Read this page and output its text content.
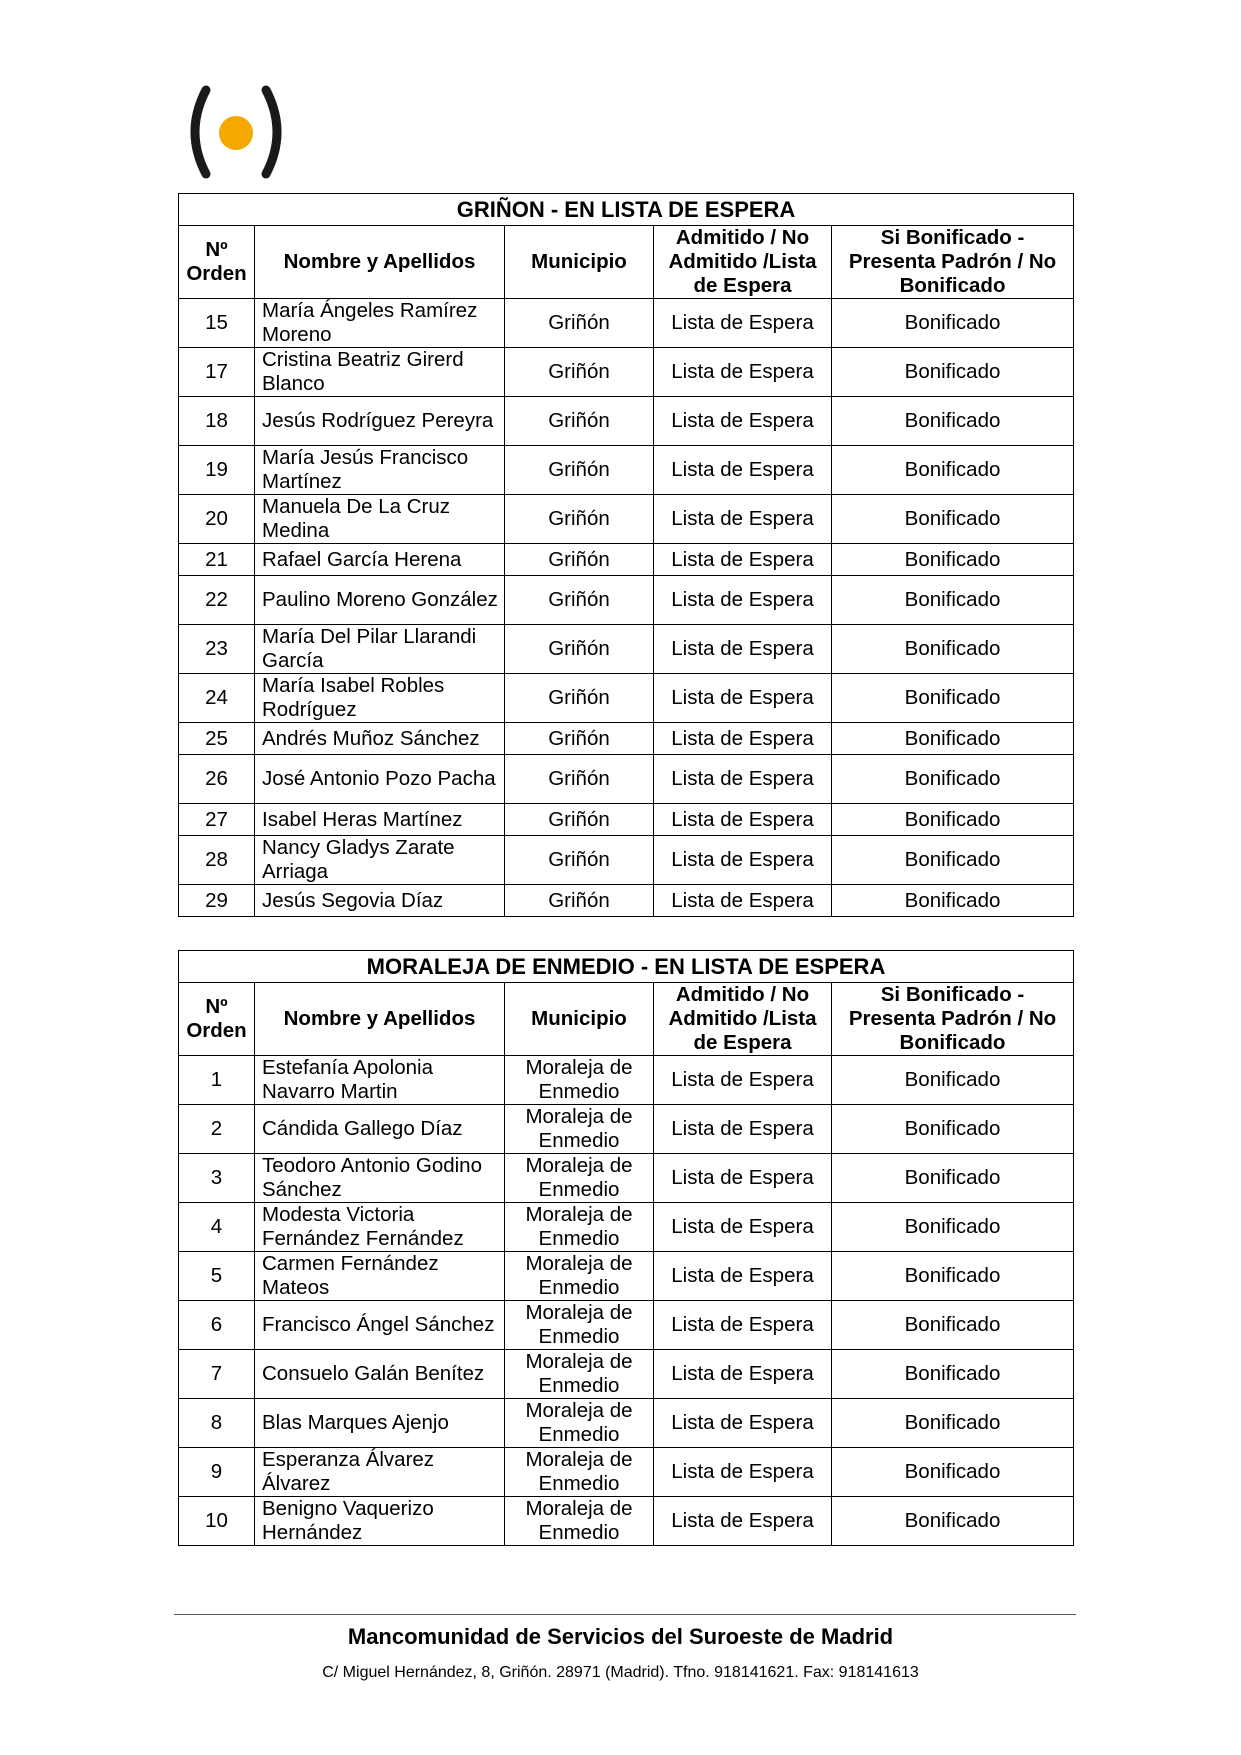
GRIÑON - EN LISTA DE ESPERA				
Nº Orden	Nombre y Apellidos	Municipio	Admitido / No Admitido /Lista de Espera	Si Bonificado - Presenta Padrón / No Bonificado
15	María Ángeles Ramírez Moreno	Griñón	Lista de Espera	Bonificado
17	Cristina Beatriz Girerd Blanco	Griñón	Lista de Espera	Bonificado
18	Jesús Rodríguez Pereyra	Griñón	Lista de Espera	Bonificado
19	María Jesús Francisco Martínez	Griñón	Lista de Espera	Bonificado
20	Manuela De La Cruz Medina	Griñón	Lista de Espera	Bonificado
21	Rafael García Herena	Griñón	Lista de Espera	Bonificado
22	Paulino Moreno González	Griñón	Lista de Espera	Bonificado
23	María Del Pilar Llarandi García	Griñón	Lista de Espera	Bonificado
24	María Isabel Robles Rodríguez	Griñón	Lista de Espera	Bonificado
25	Andrés Muñoz Sánchez	Griñón	Lista de Espera	Bonificado
26	José Antonio Pozo Pacha	Griñón	Lista de Espera	Bonificado
27	Isabel Heras Martínez	Griñón	Lista de Espera	Bonificado
28	Nancy Gladys Zarate Arriaga	Griñón	Lista de Espera	Bonificado
29	Jesús Segovia Díaz	Griñón	Lista de Espera	Bonificado
MORALEJA DE ENMEDIO - EN LISTA DE ESPERA				
Nº Orden	Nombre y Apellidos	Municipio	Admitido / No Admitido /Lista de Espera	Si Bonificado - Presenta Padrón / No Bonificado
1	Estefanía Apolonia Navarro Martin	Moraleja de Enmedio	Lista de Espera	Bonificado
2	Cándida Gallego Díaz	Moraleja de Enmedio	Lista de Espera	Bonificado
3	Teodoro Antonio Godino Sánchez	Moraleja de Enmedio	Lista de Espera	Bonificado
4	Modesta Victoria Fernández Fernández	Moraleja de Enmedio	Lista de Espera	Bonificado
5	Carmen Fernández Mateos	Moraleja de Enmedio	Lista de Espera	Bonificado
6	Francisco Ángel Sánchez	Moraleja de Enmedio	Lista de Espera	Bonificado
7	Consuelo Galán Benítez	Moraleja de Enmedio	Lista de Espera	Bonificado
8	Blas Marques Ajenjo	Moraleja de Enmedio	Lista de Espera	Bonificado
9	Esperanza Álvarez Álvarez	Moraleja de Enmedio	Lista de Espera	Bonificado
10	Benigno Vaquerizo Hernández	Moraleja de Enmedio	Lista de Espera	Bonificado
Mancomunidad de Servicios del Suroeste de Madrid
C/ Miguel Hernández, 8, Griñón. 28971 (Madrid). Tfno. 918141621. Fax: 918141613
